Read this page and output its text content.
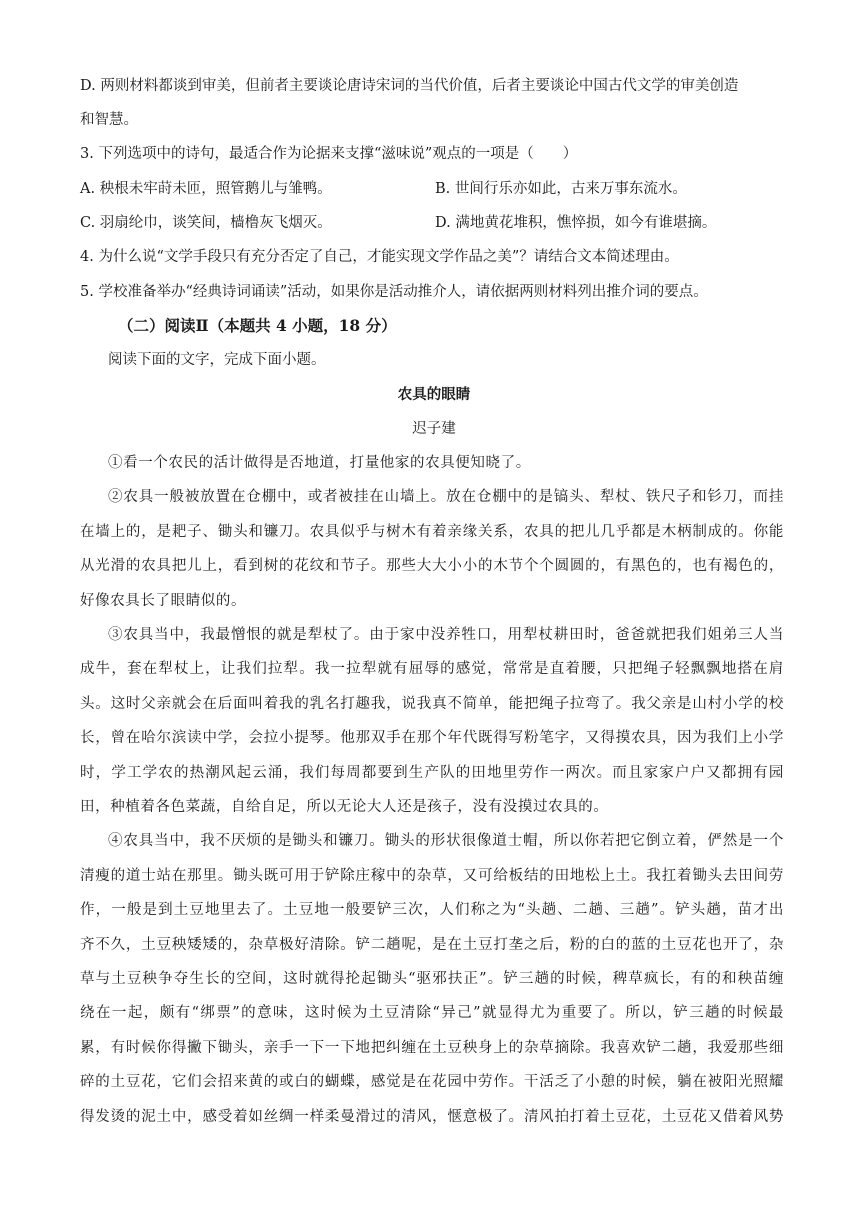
D. 两则材料都谈到审美，但前者主要谈论唐诗宋词的当代价值，后者主要谈论中国古代文学的审美创造
和智慧。
3. 下列选项中的诗句，最适合作为论据来支撑“滋味说”观点的一项是（　　）
A. 秧根未牢莳未匝，照管鹅儿与雏鸭。	B. 世间行乐亦如此，古来万事东流水。
C. 羽扇纶巾，谈笑间，樯橹灰飞烟灭。	D. 满地黄花堆积，憔悴损，如今有谁堪摘。
4. 为什么说“文学手段只有充分否定了自己，才能实现文学作品之美”？请结合文本简述理由。
5. 学校准备举办“经典诗词诵读”活动，如果你是活动推介人，请依据两则材料列出推介词的要点。
（二）阅读Ⅱ（本题共 4 小题，18 分）
阅读下面的文字，完成下面小题。
农具的眼睛
迟子建
①看一个农民的活计做得是否地道，打量他家的农具便知晓了。
②农具一般被放置在仓棚中，或者被挂在山墙上。放在仓棚中的是镐头、犁杖、铁尺子和钐刀，而挂
在墙上的，是耙子、锄头和镰刀。农具似乎与树木有着亲缘关系，农具的把儿几乎都是木柄制成的。你能
从光滑的农具把儿上，看到树的花纹和节子。那些大大小小的木节个个圆圆的，有黑色的，也有褐色的，
好像农具长了眼睛似的。
③农具当中，我最憎恨的就是犁杖了。由于家中没养牲口，用犁杖耕田时，爸爸就把我们姐弟三人当
成牛，套在犁杖上，让我们拉犁。我一拉犁就有屈辱的感觉，常常是直着腰，只把绳子轻飘飘地搭在肩
头。这时父亲就会在后面叫着我的乳名打趣我，说我真不简单，能把绳子拉弯了。我父亲是山村小学的校
长，曾在哈尔滨读中学，会拉小提琴。他那双手在那个年代既得写粉笔字，又得摸农具，因为我们上小学
时，学工学农的热潮风起云涌，我们每周都要到生产队的田地里劳作一两次。而且家家户户又都拥有园
田，种植着各色菜蔬，自给自足，所以无论大人还是孩子，没有没摸过农具的。
④农具当中，我不厌烦的是锄头和镰刀。锄头的形状很像道士帽，所以你若把它倒立着，俨然是一个
清瘦的道士站在那里。锄头既可用于铲除庄稼中的杂草，又可给板结的田地松上土。我扛着锄头去田间劳
作，一般是到土豆地里去了。土豆地一般要铲三次，人们称之为“头趟、二趟、三趟”。铲头趟，苗才出
齐不久，土豆秧矮矮的，杂草极好清除。铲二趟呢，是在土豆打垄之后，粉的白的蓝的土豆花也开了，杂
草与土豆秧争夺生长的空间，这时就得抡起锄头“驱邪扶正”。铲三趟的时候，稗草疯长，有的和秧苗缠
绕在一起，颇有“绑票”的意味，这时候为土豆清除“异己”就显得尤为重要了。所以，铲三趟的时候最
累，有时候你得撇下锄头，亲手一下一下地把纠缠在土豆秧身上的杂草摘除。我喜欢铲二趟，我爱那些细
碎的土豆花，它们会招来黄的或白的蝴蝶，感觉是在花园中劳作。干活乏了小憩的时候，躺在被阳光照耀
得发烫的泥土中，感受着如丝绸一样柔曼滑过的清风，惬意极了。清风拍打着土豆花，土豆花又借着风势
